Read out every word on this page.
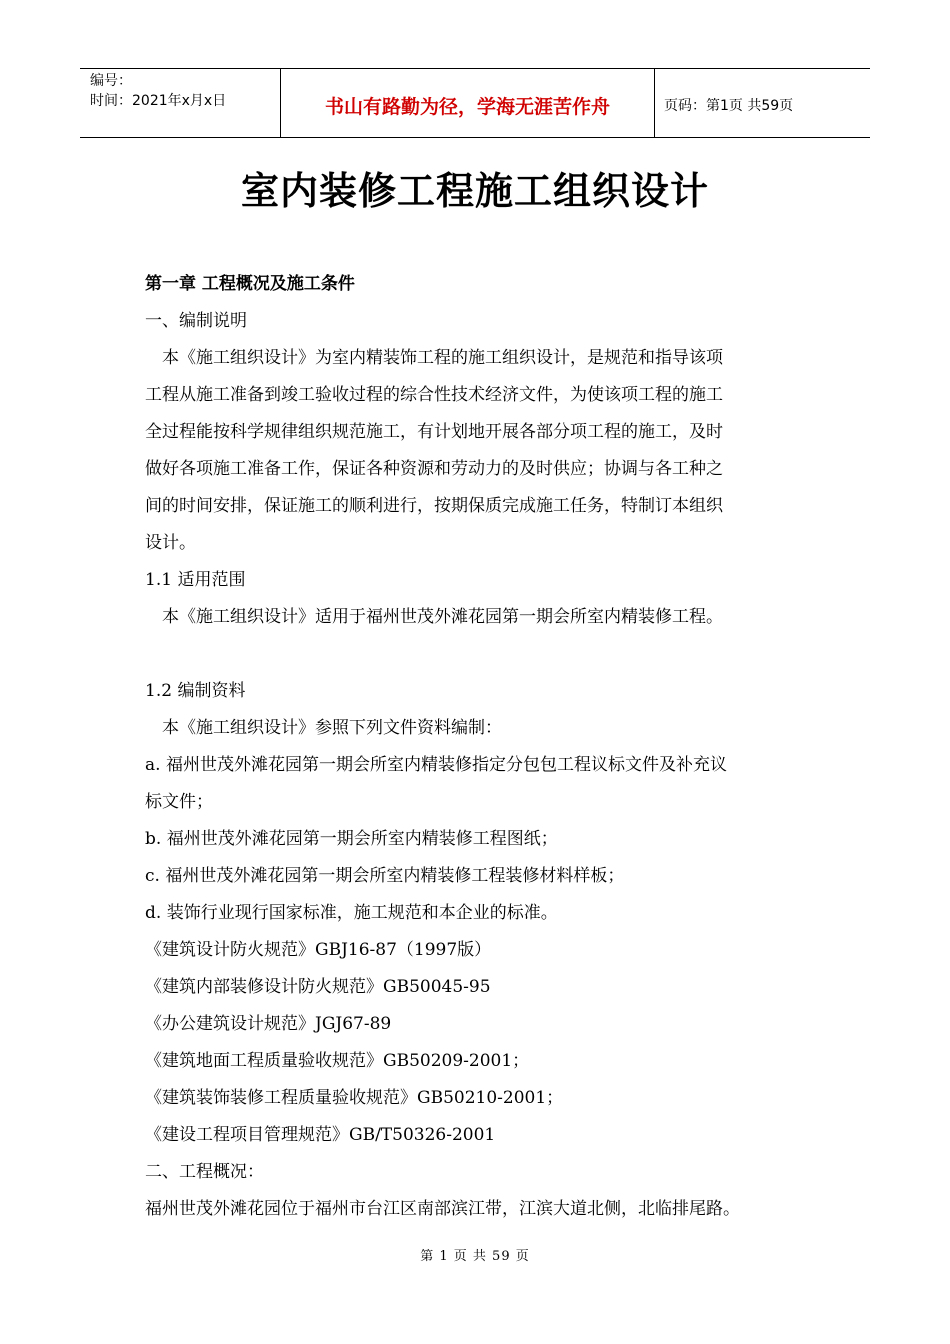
编号：
时间：2021年x月x日	书山有路勤为径，学海无涯苦作舟	页码：第1页 共59页
室内装修工程施工组织设计
第一章 工程概况及施工条件
一、编制说明
本《施工组织设计》为室内精装饰工程的施工组织设计，是规范和指导该项
工程从施工准备到竣工验收过程的综合性技术经济文件，为使该项工程的施工
全过程能按科学规律组织规范施工，有计划地开展各部分项工程的施工，及时
做好各项施工准备工作，保证各种资源和劳动力的及时供应；协调与各工种之
间的时间安排，保证施工的顺利进行，按期保质完成施工任务，特制订本组织
设计。
1.1 适用范围
本《施工组织设计》适用于福州世茂外滩花园第一期会所室内精装修工程。
1.2 编制资料
本《施工组织设计》参照下列文件资料编制：
a. 福州世茂外滩花园第一期会所室内精装修指定分包包工程议标文件及补充议
标文件；
b. 福州世茂外滩花园第一期会所室内精装修工程图纸；
c. 福州世茂外滩花园第一期会所室内精装修工程装修材料样板；
d. 装饰行业现行国家标准，施工规范和本企业的标准。
《建筑设计防火规范》GBJ16-87（1997版）
《建筑内部装修设计防火规范》GB50045-95
《办公建筑设计规范》JGJ67-89
《建筑地面工程质量验收规范》GB50209-2001；
《建筑装饰装修工程质量验收规范》GB50210-2001；
《建设工程项目管理规范》GB/T50326-2001
二、工程概况：
福州世茂外滩花园位于福州市台江区南部滨江带，江滨大道北侧，北临排尾路。
第 1 页 共 59 页
